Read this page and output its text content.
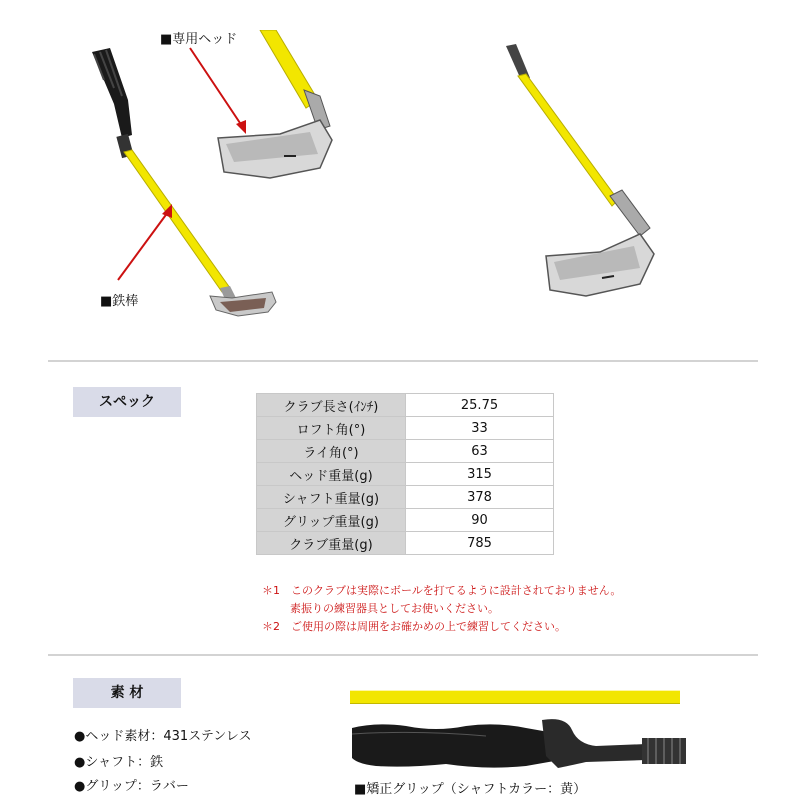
■専用ヘッド
■鉄棒
スペック	クラブ長さ(ｲﾝﾁ)	25.75
ロフト角(°)	33
ライ角(°)	63
ヘッド重量(g)	315
シャフト重量(g)	378
グリップ重量(g)	90
クラブ重量(g)	785
＊1　このクラブは実際にボールを打てるように設計されておりません。
素振りの練習器具としてお使いください。
＊2　ご使用の際は周囲をお確かめの上で練習してください。
素 材
●ヘッド素材：431ステンレス
●シャフト：鉄
●グリップ：ラバー	■矯正グリップ（シャフトカラー：黄）
